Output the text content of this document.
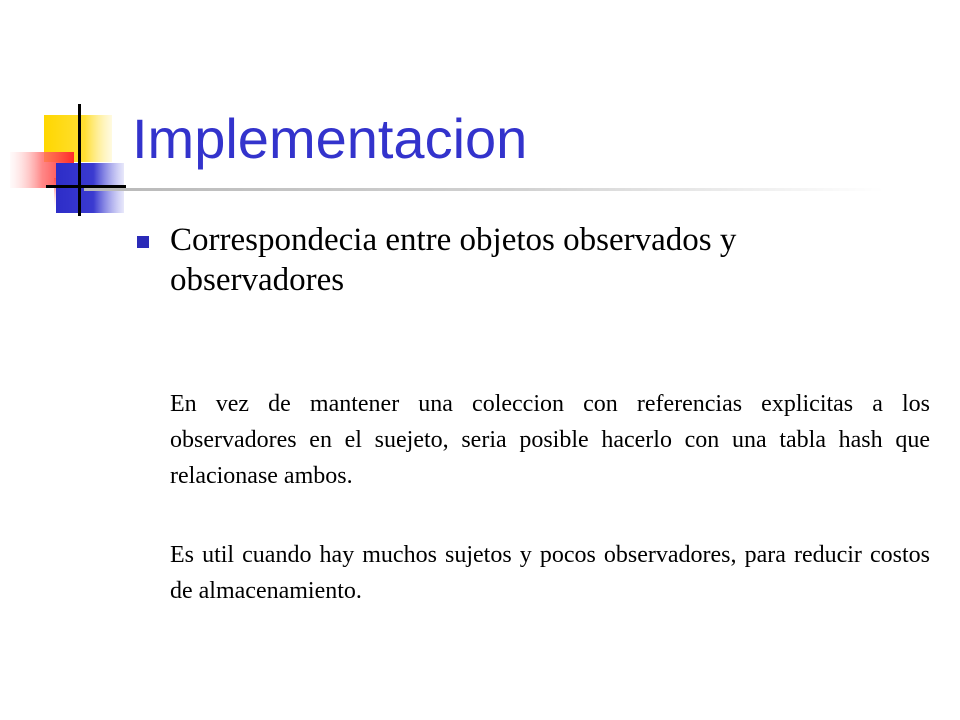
Implementacion

Correspondecia entre objetos observados y observadores

En vez de mantener una coleccion con referencias explicitas a los observadores en el suejeto, seria posible hacerlo con una tabla hash que relacionase ambos.

Es util cuando hay muchos sujetos y pocos observadores, para reducir costos de almacenamiento.
